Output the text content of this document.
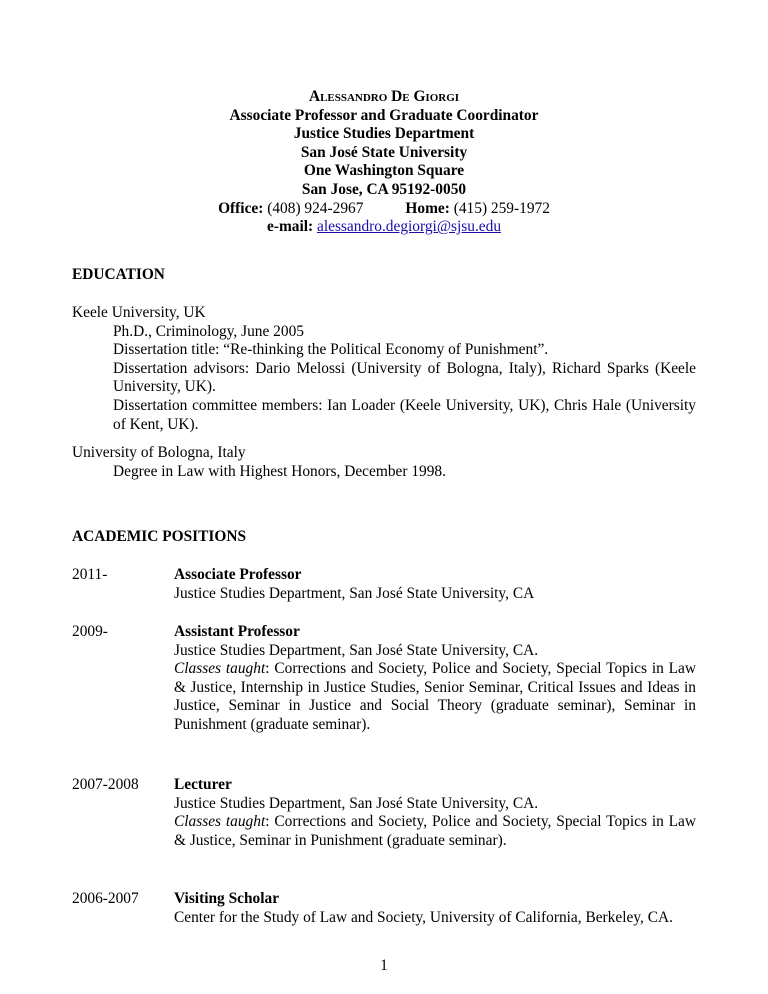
Alessandro De Giorgi
Associate Professor and Graduate Coordinator
Justice Studies Department
San José State University
One Washington Square
San Jose, CA 95192-0050
Office: (408) 924-2967	Home: (415) 259-1972
e-mail: alessandro.degiorgi@sjsu.edu
EDUCATION
Keele University, UK
Ph.D., Criminology, June 2005
Dissertation title: “Re-thinking the Political Economy of Punishment”.
Dissertation advisors: Dario Melossi (University of Bologna, Italy), Richard Sparks (Keele University, UK).
Dissertation committee members: Ian Loader (Keele University, UK), Chris Hale (University of Kent, UK).
University of Bologna, Italy
Degree in Law with Highest Honors, December 1998.
ACADEMIC POSITIONS
2011-	Associate Professor
Justice Studies Department, San José State University, CA
2009-	Assistant Professor
Justice Studies Department, San José State University, CA.
Classes taught: Corrections and Society, Police and Society, Special Topics in Law & Justice, Internship in Justice Studies, Senior Seminar, Critical Issues and Ideas in Justice, Seminar in Justice and Social Theory (graduate seminar), Seminar in Punishment (graduate seminar).
2007-2008 Lecturer
Justice Studies Department, San José State University, CA.
Classes taught: Corrections and Society, Police and Society, Special Topics in Law & Justice, Seminar in Punishment (graduate seminar).
2006-2007 Visiting Scholar
Center for the Study of Law and Society, University of California, Berkeley, CA.
1
